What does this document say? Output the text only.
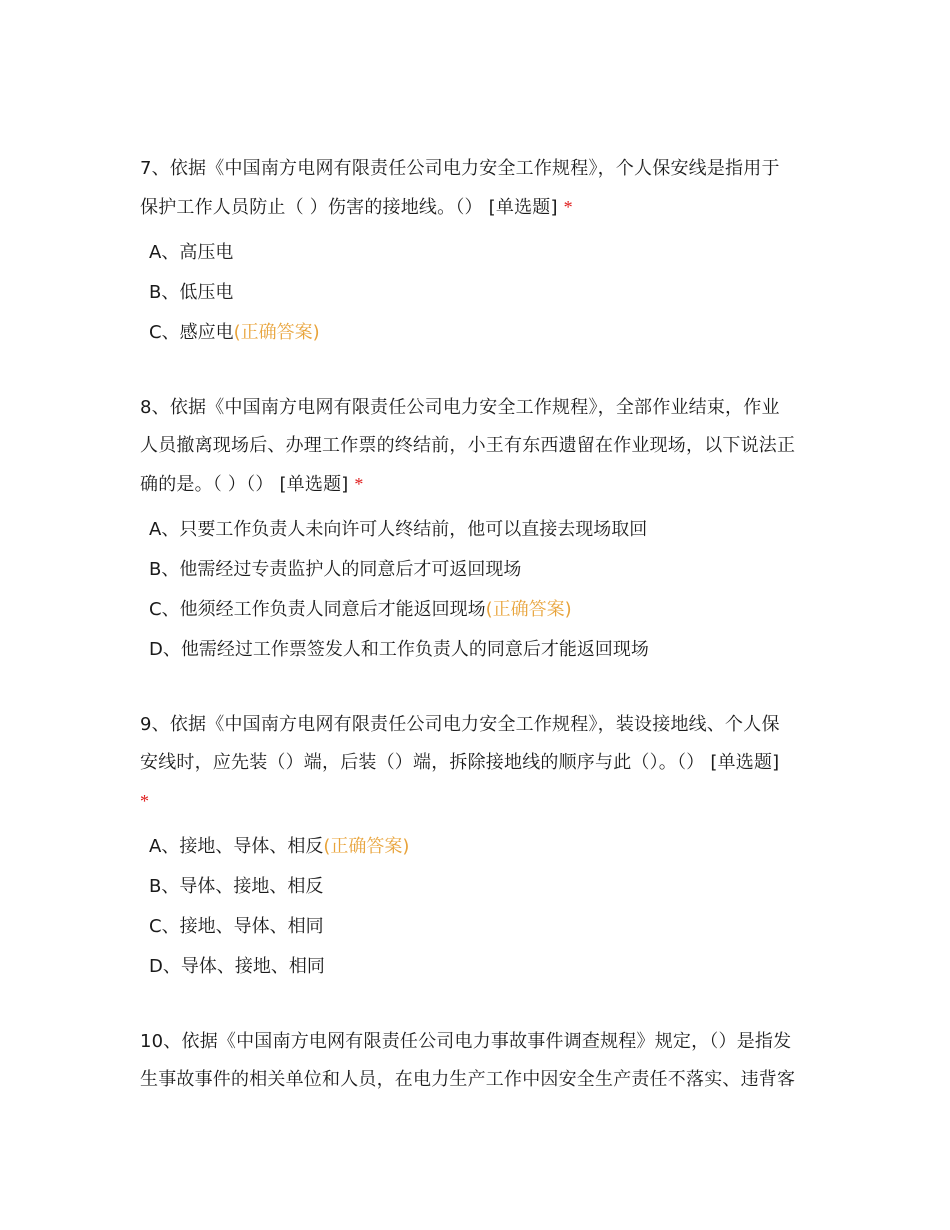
7、依据《中国南方电网有限责任公司电力安全工作规程》，个人保安线是指用于
保护工作人员防止（ ）伤害的接地线。（） [单选题] *

A、高压电
B、低压电
C、感应电(正确答案)

8、依据《中国南方电网有限责任公司电力安全工作规程》，全部作业结束，作业
人员撤离现场后、办理工作票的终结前，小王有东西遗留在作业现场，以下说法正
确的是。（ ）（） [单选题] *

A、只要工作负责人未向许可人终结前，他可以直接去现场取回
B、他需经过专责监护人的同意后才可返回现场
C、他须经工作负责人同意后才能返回现场(正确答案)
D、他需经过工作票签发人和工作负责人的同意后才能返回现场

9、依据《中国南方电网有限责任公司电力安全工作规程》，装设接地线、个人保
安线时，应先装（）端，后装（）端，拆除接地线的顺序与此（）。（） [单选题]
*

A、接地、导体、相反(正确答案)
B、导体、接地、相反
C、接地、导体、相同
D、导体、接地、相同

10、依据《中国南方电网有限责任公司电力事故事件调查规程》规定，（）是指发
生事故事件的相关单位和人员，在电力生产工作中因安全生产责任不落实、违背客
